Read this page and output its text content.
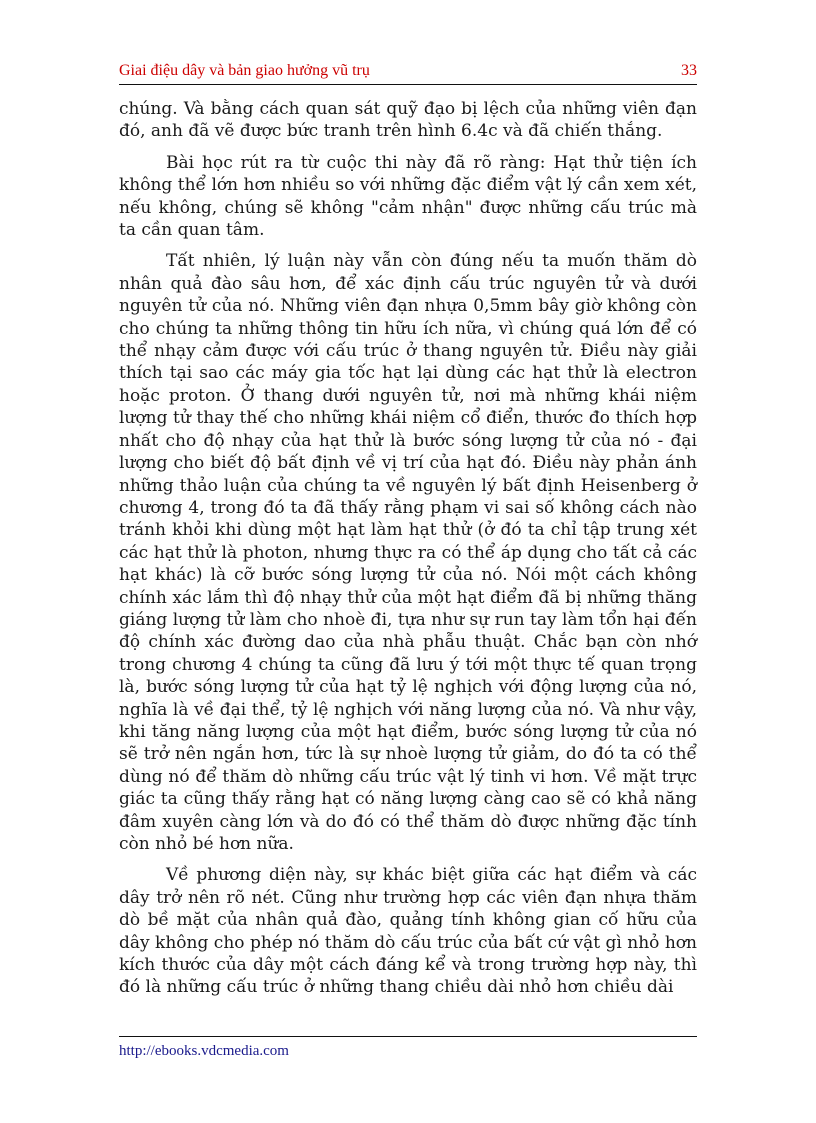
Giai điệu dây và bản giao hưởng vũ trụ	33

chúng. Và bằng cách quan sát quỹ đạo bị lệch của những viên đạn đó, anh đã vẽ được bức tranh trên hình 6.4c và đã chiến thắng.

Bài học rút ra từ cuộc thi này đã rõ ràng: Hạt thử tiện ích không thể lớn hơn nhiều so với những đặc điểm vật lý cần xem xét, nếu không, chúng sẽ không "cảm nhận" được những cấu trúc mà ta cần quan tâm.

Tất nhiên, lý luận này vẫn còn đúng nếu ta muốn thăm dò nhân quả đào sâu hơn, để xác định cấu trúc nguyên tử và dưới nguyên tử của nó. Những viên đạn nhựa 0,5mm bây giờ không còn cho chúng ta những thông tin hữu ích nữa, vì chúng quá lớn để có thể nhạy cảm được với cấu trúc ở thang nguyên tử. Điều này giải thích tại sao các máy gia tốc hạt lại dùng các hạt thử là electron hoặc proton. Ở thang dưới nguyên tử, nơi mà những khái niệm lượng tử thay thế cho những khái niệm cổ điển, thước đo thích hợp nhất cho độ nhạy của hạt thử là bước sóng lượng tử của nó - đại lượng cho biết độ bất định về vị trí của hạt đó. Điều này phản ánh những thảo luận của chúng ta về nguyên lý bất định Heisenberg ở chương 4, trong đó ta đã thấy rằng phạm vi sai số không cách nào tránh khỏi khi dùng một hạt làm hạt thử (ở đó ta chỉ tập trung xét các hạt thử là photon, nhưng thực ra có thể áp dụng cho tất cả các hạt khác) là cỡ bước sóng lượng tử của nó. Nói một cách không chính xác lắm thì độ nhạy thử của một hạt điểm đã bị những thăng giáng lượng tử làm cho nhoè đi, tựa như sự run tay làm tổn hại đến độ chính xác đường dao của nhà phẫu thuật. Chắc bạn còn nhớ trong chương 4 chúng ta cũng đã lưu ý tới một thực tế quan trọng là, bước sóng lượng tử của hạt tỷ lệ nghịch với động lượng của nó, nghĩa là về đại thể, tỷ lệ nghịch với năng lượng của nó. Và như vậy, khi tăng năng lượng của một hạt điểm, bước sóng lượng tử của nó sẽ trở nên ngắn hơn, tức là sự nhoè lượng tử giảm, do đó ta có thể dùng nó để thăm dò những cấu trúc vật lý tinh vi hơn. Về mặt trực giác ta cũng thấy rằng hạt có năng lượng càng cao sẽ có khả năng đâm xuyên càng lớn và do đó có thể thăm dò được những đặc tính còn nhỏ bé hơn nữa.

Về phương diện này, sự khác biệt giữa các hạt điểm và các dây trở nên rõ nét. Cũng như trường hợp các viên đạn nhựa thăm dò bề mặt của nhân quả đào, quảng tính không gian cố hữu của dây không cho phép nó thăm dò cấu trúc của bất cứ vật gì nhỏ hơn kích thước của dây một cách đáng kể và trong trường hợp này, thì đó là những cấu trúc ở những thang chiều dài nhỏ hơn chiều dài

http://ebooks.vdcmedia.com
